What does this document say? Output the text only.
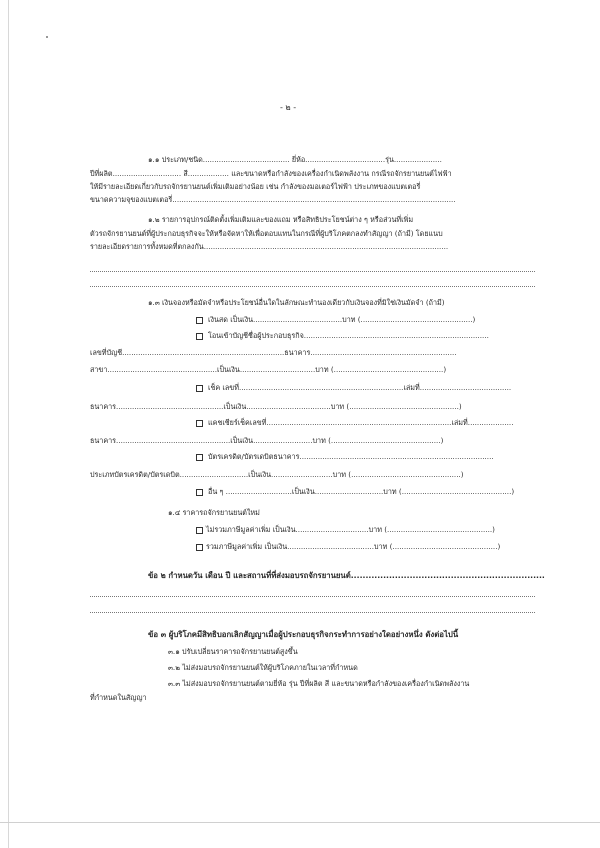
- ๒ -
๑.๑ ประเภท/ชนิด...................................... ยี่ห้อ...................................รุ่น.....................
ปีที่ผลิต.............................. สี.................. และขนาดหรือกำลังของเครื่องกำเนิดพลังงาน กรณีรถจักรยานยนต์ไฟฟ้า
ให้มีรายละเอียดเกี่ยวกับรถจักรยานยนต์เพิ่มเติมอย่างน้อย เช่น กำลังของมอเตอร์ไฟฟ้า ประเภทของแบตเตอรี่
ขนาดความจุของแบตเตอรี่............................................................................................................................
๑.๒ รายการอุปกรณ์ติดตั้งเพิ่มเติมและของแถม หรือสิทธิประโยชน์ต่าง ๆ หรือส่วนที่เพิ่ม
ตัวรถจักรยานยนต์ที่ผู้ประกอบธุรกิจจะให้หรือจัดหาให้เพื่อตอบแทนในกรณีที่ผู้บริโภคตกลงทำสัญญา (ถ้ามี) โดยแนบ
รายละเอียดรายการทั้งหมดที่ตกลงกัน...........................................................................................................
๑.๓ เงินจองหรือมัดจำหรือประโยชน์อื่นใดในลักษณะทำนองเดียวกับเงินจองที่มิใช่เงินมัดจำ (ถ้ามี)
เงินสด เป็นเงิน.......................................บาท (.................................................)
โอนเข้าบัญชีชื่อผู้ประกอบธุรกิจ.................................................................................
เลขที่บัญชี.......................................................................ธนาคาร................................................................
สาขา................................................เป็นเงิน.................................บาท (................................................)
เช็ค เลขที่........................................................................เล่มที่........................................
ธนาคาร...............................................เป็นเงิน.....................................บาท (................................................)
แคชเชียร์เช็คเลขที่.................................................................................เล่มที่....................
ธนาคาร..................................................เป็นเงิน..........................บาท (................................................)
บัตรเครดิต/บัตรเดบิตธนาคาร.....................................................................................
ประเภทบัตรเครดิต/บัตรเดบิต..............................เป็นเงิน...........................บาท (................................................)
อื่น ๆ .............................เป็นเงิน..............................บาท (................................................)
๑.๔ ราคารถจักรยานยนต์ใหม่
ไม่รวมภาษีมูลค่าเพิ่ม เป็นเงิน................................บาท (..............................................)
รวมภาษีมูลค่าเพิ่ม เป็นเงิน......................................บาท (..............................................)
ข้อ ๒ กำหนดวัน เดือน ปี และสถานที่ที่ส่งมอบรถจักรยานยนต์..................................................................
ข้อ ๓ ผู้บริโภคมีสิทธิบอกเลิกสัญญาเมื่อผู้ประกอบธุรกิจกระทำการอย่างใดอย่างหนึ่ง ดังต่อไปนี้
๓.๑ ปรับเปลี่ยนราคารถจักรยานยนต์สูงขึ้น
๓.๒ ไม่ส่งมอบรถจักรยานยนต์ให้ผู้บริโภคภายในเวลาที่กำหนด
๓.๓ ไม่ส่งมอบรถจักรยานยนต์ตามยี่ห้อ รุ่น ปีที่ผลิต สี และขนาดหรือกำลังของเครื่องกำเนิดพลังงาน
ที่กำหนดในสัญญา
